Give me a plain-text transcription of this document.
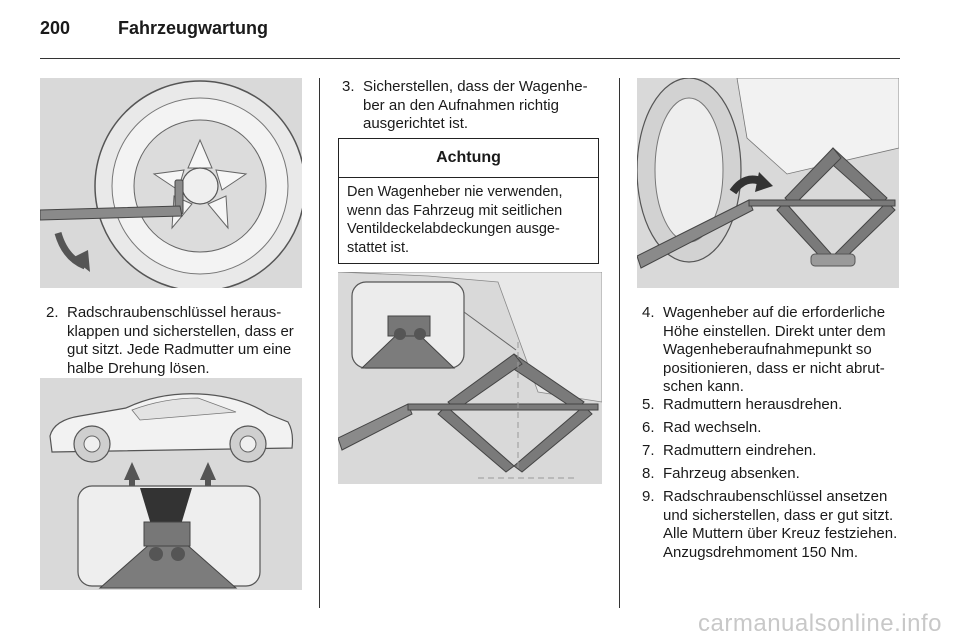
200	Fahrzeugwartung
2. Radschraubenschlüssel herausklappen und sicherstellen, dass er gut sitzt. Jede Radmutter um eine halbe Drehung lösen.
3. Sicherstellen, dass der Wagenheber an den Aufnahmen richtig ausgerichtet ist.
Achtung
Den Wagenheber nie verwenden, wenn das Fahrzeug mit seitlichen Ventildeckelabdeckungen ausgestattet ist.
4. Wagenheber auf die erforderliche Höhe einstellen. Direkt unter dem Wagenheberaufnahmepunkt so positionieren, dass er nicht abrutschen kann.
5. Radmuttern herausdrehen.
6. Rad wechseln.
7. Radmuttern eindrehen.
8. Fahrzeug absenken.
9. Radschraubenschlüssel ansetzen und sicherstellen, dass er gut sitzt. Alle Muttern über Kreuz festziehen. Anzugsdrehmoment 150 Nm.
carmanualsonline.info
